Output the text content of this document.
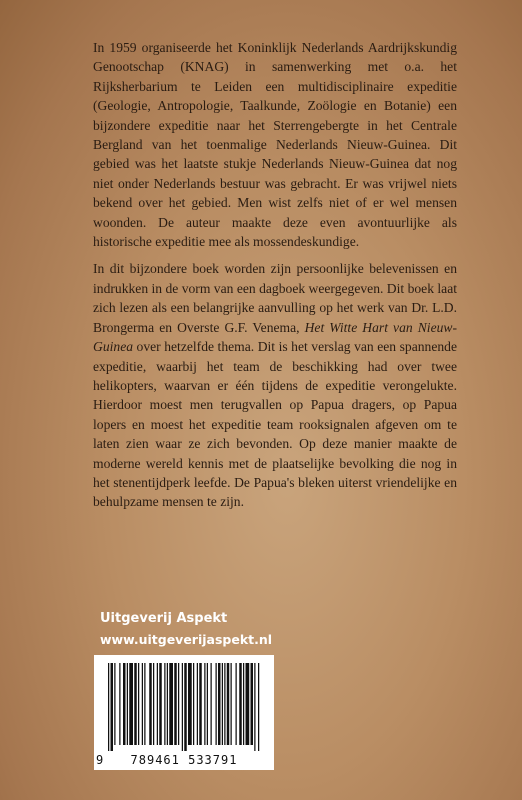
In 1959 organiseerde het Koninklijk Nederlands Aardrijkskundig Genootschap (KNAG) in samenwerking met o.a. het Rijksherbarium te Leiden een multidisciplinaire expeditie (Geologie, Antropologie, Taalkunde, Zoölogie en Botanie) een bijzondere expeditie naar het Sterrengebergte in het Centrale Bergland van het toenmalige Nederlands Nieuw-Guinea. Dit gebied was het laatste stukje Nederlands Nieuw-Guinea dat nog niet onder Nederlands bestuur was gebracht. Er was vrijwel niets bekend over het gebied. Men wist zelfs niet of er wel mensen woonden. De auteur maakte deze even avontuurlijke als historische expeditie mee als mossendeskundige.

In dit bijzondere boek worden zijn persoonlijke belevenissen en indrukken in de vorm van een dagboek weergegeven. Dit boek laat zich lezen als een belangrijke aanvulling op het werk van Dr. L.D. Brongerma en Overste G.F. Venema, Het Witte Hart van Nieuw-Guinea over hetzelfde thema. Dit is het verslag van een spannende expeditie, waarbij het team de beschikking had over twee helikopters, waarvan er één tijdens de expeditie verongelukte. Hierdoor moest men terugvallen op Papua dragers, op Papua lopers en moest het expeditie team rooksignalen afgeven om te laten zien waar ze zich bevonden. Op deze manier maakte de moderne wereld kennis met de plaatselijke bevolking die nog in het stenentijdperk leefde. De Papua's bleken uiterst vriendelijke en behulpzame mensen te zijn.

Uitgeverij Aspekt
www.uitgeverijaspekt.nl
9	789461 533791
